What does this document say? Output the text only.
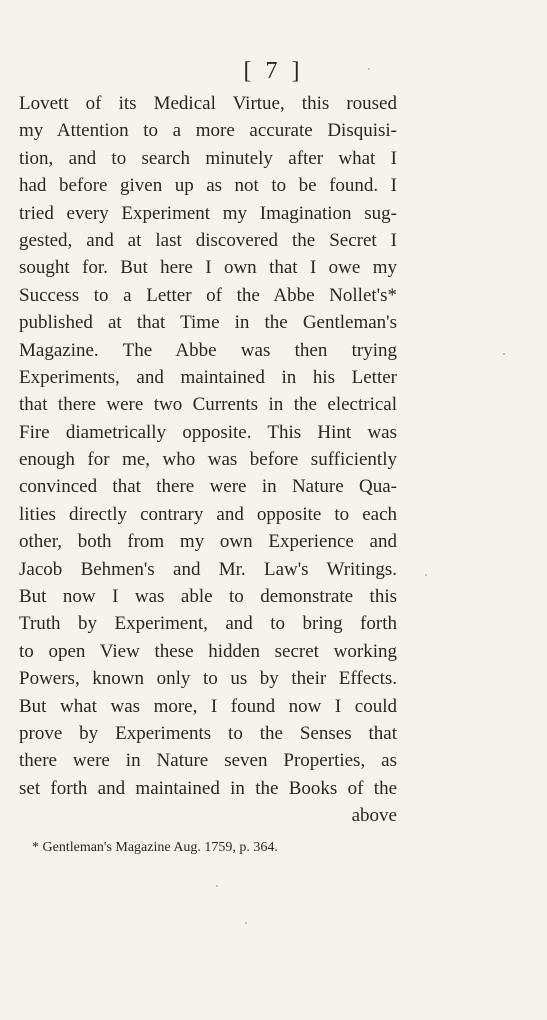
[ 7 ]
Lovett of its Medical Virtue, this roused
my Attention to a more accurate Disquisi-
tion, and to search minutely after what I
had before given up as not to be found. I
tried every Experiment my Imagination sug-
gested, and at last discovered the Secret I
sought for. But here I own that I owe my
Success to a Letter of the Abbe Nollet's*
published at that Time in the Gentleman's
Magazine. The Abbe was then trying
Experiments, and maintained in his Letter
that there were two Currents in the electrical
Fire diametrically opposite. This Hint was
enough for me, who was before sufficiently
convinced that there were in Nature Qua-
lities directly contrary and opposite to each
other, both from my own Experience and
Jacob Behmen's and Mr. Law's Writings.
But now I was able to demonstrate this
Truth by Experiment, and to bring forth
to open View these hidden secret working
Powers, known only to us by their Effects.
But what was more, I found now I could
prove by Experiments to the Senses that
there were in Nature seven Properties, as
set forth and maintained in the Books of the
above
* Gentleman's Magazine Aug. 1759, p. 364.
